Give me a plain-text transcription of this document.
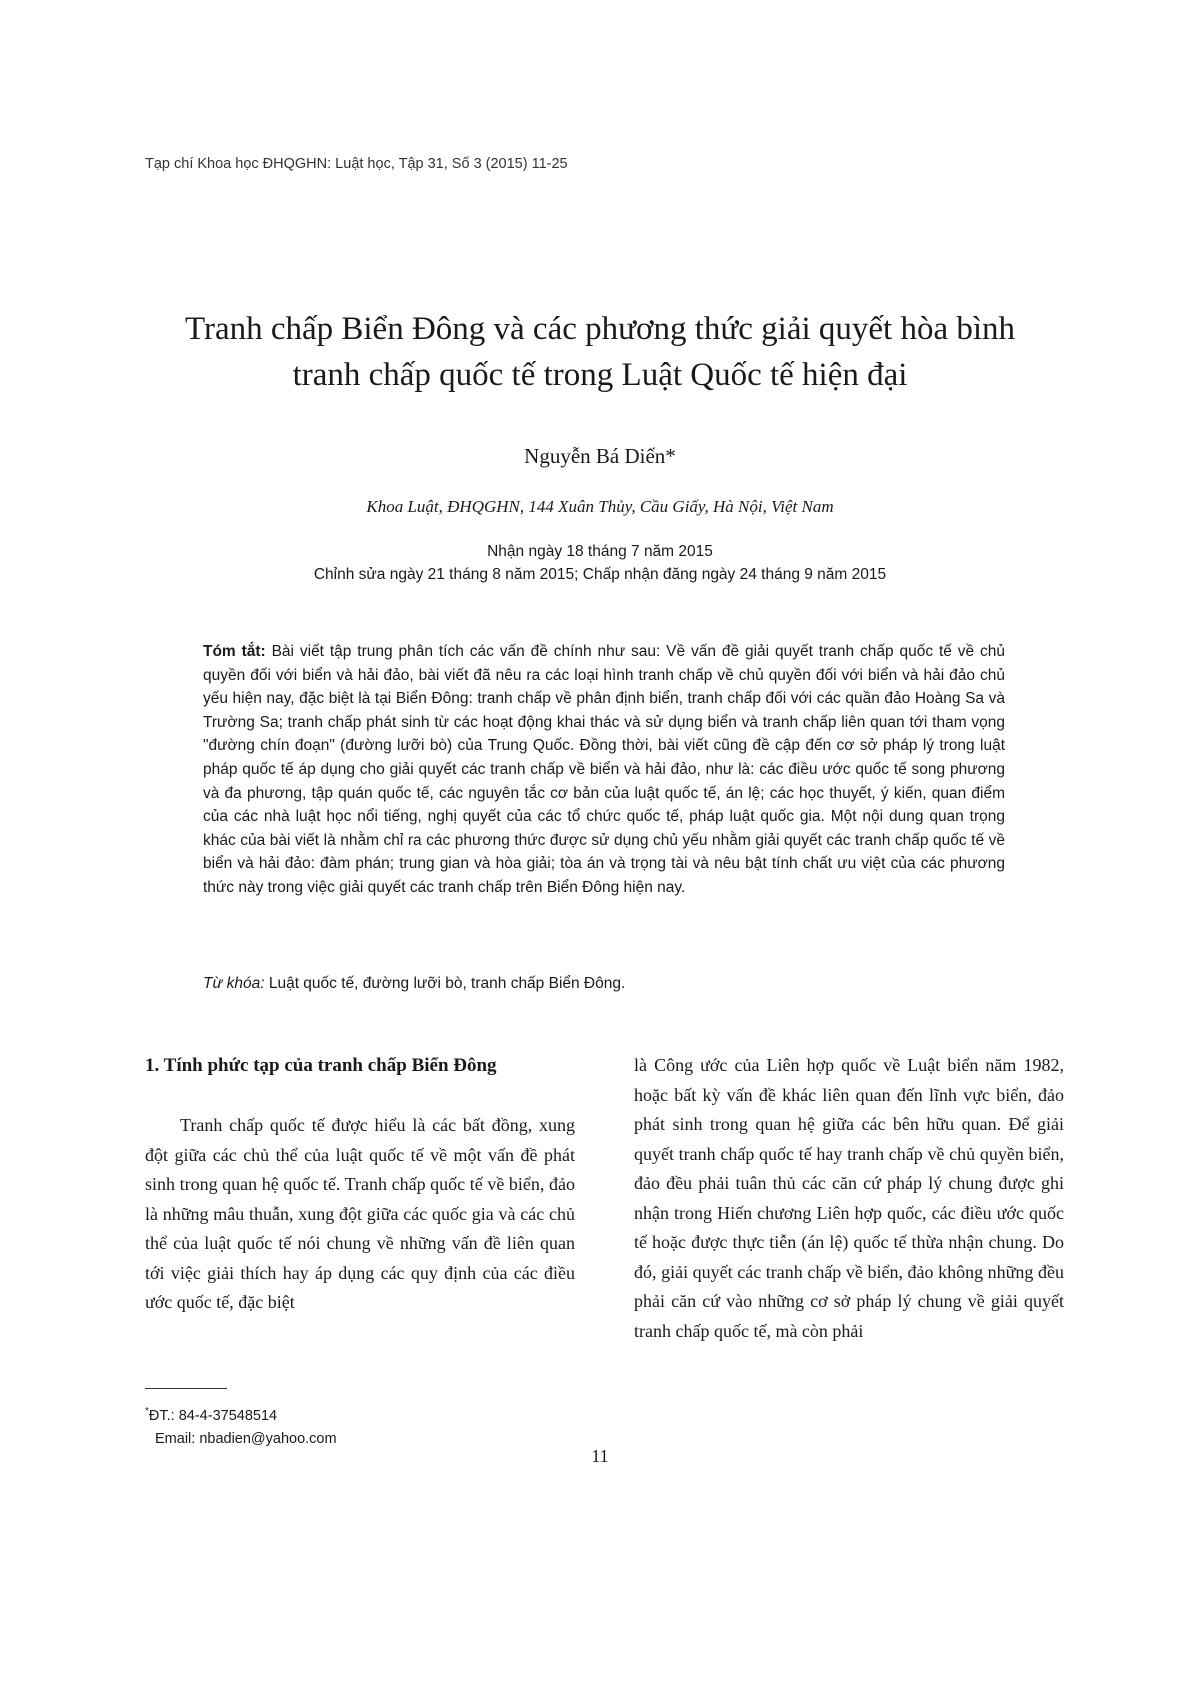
Tạp chí Khoa học ĐHQGHN: Luật học, Tập 31, Số 3 (2015) 11-25
Tranh chấp Biển Đông và các phương thức giải quyết hòa bình
tranh chấp quốc tế trong Luật Quốc tế hiện đại
Nguyễn Bá Diến*
Khoa Luật, ĐHQGHN, 144 Xuân Thủy, Cầu Giấy, Hà Nội, Việt Nam
Nhận ngày 18 tháng 7 năm 2015
Chỉnh sửa ngày 21 tháng 8 năm 2015; Chấp nhận đăng ngày 24 tháng 9 năm 2015

Tóm tắt: Bài viết tập trung phân tích các vấn đề chính như sau: Về vấn đề giải quyết tranh chấp quốc tế về chủ quyền đối với biển và hải đảo, bài viết đã nêu ra các loại hình tranh chấp về chủ quyền đối với biển và hải đảo chủ yếu hiện nay, đặc biệt là tại Biển Đông: tranh chấp về phân định biển, tranh chấp đối với các quần đảo Hoàng Sa và Trường Sa; tranh chấp phát sinh từ các hoạt động khai thác và sử dụng biển và tranh chấp liên quan tới tham vọng "đường chín đoạn" (đường lưỡi bò) của Trung Quốc. Đồng thời, bài viết cũng đề cập đến cơ sở pháp lý trong luật pháp quốc tế áp dụng cho giải quyết các tranh chấp về biển và hải đảo, như là: các điều ước quốc tế song phương và đa phương, tập quán quốc tế, các nguyên tắc cơ bản của luật quốc tế, án lệ; các học thuyết, ý kiến, quan điểm của các nhà luật học nổi tiếng, nghị quyết của các tổ chức quốc tế, pháp luật quốc gia. Một nội dung quan trọng khác của bài viết là nhằm chỉ ra các phương thức được sử dụng chủ yếu nhằm giải quyết các tranh chấp quốc tế về biển và hải đảo: đàm phán; trung gian và hòa giải; tòa án và trọng tài và nêu bật tính chất ưu việt của các phương thức này trong việc giải quyết các tranh chấp trên Biển Đông hiện nay.

Từ khóa: Luật quốc tế, đường lưỡi bò, tranh chấp Biển Đông.
1. Tính phức tạp của tranh chấp Biển Đông

Tranh chấp quốc tế được hiểu là các bất đồng, xung đột giữa các chủ thể của luật quốc tế về một vấn đề phát sinh trong quan hệ quốc tế. Tranh chấp quốc tế về biển, đảo là những mâu thuẫn, xung đột giữa các quốc gia và các chủ thể của luật quốc tế nói chung về những vấn đề liên quan tới việc giải thích hay áp dụng các quy định của các điều ước quốc tế, đặc biệt

là Công ước của Liên hợp quốc về Luật biển năm 1982, hoặc bất kỳ vấn đề khác liên quan đến lĩnh vực biển, đảo phát sinh trong quan hệ giữa các bên hữu quan. Để giải quyết tranh chấp quốc tế hay tranh chấp về chủ quyền biển, đảo đều phải tuân thủ các căn cứ pháp lý chung được ghi nhận trong Hiến chương Liên hợp quốc, các điều ước quốc tế hoặc được thực tiễn (án lệ) quốc tế thừa nhận chung. Do đó, giải quyết các tranh chấp về biển, đảo không những đều phải căn cứ vào những cơ sở pháp lý chung về giải quyết tranh chấp quốc tế, mà còn phải

*ĐT.: 84-4-37548514
Email: nbadien@yahoo.com
11
